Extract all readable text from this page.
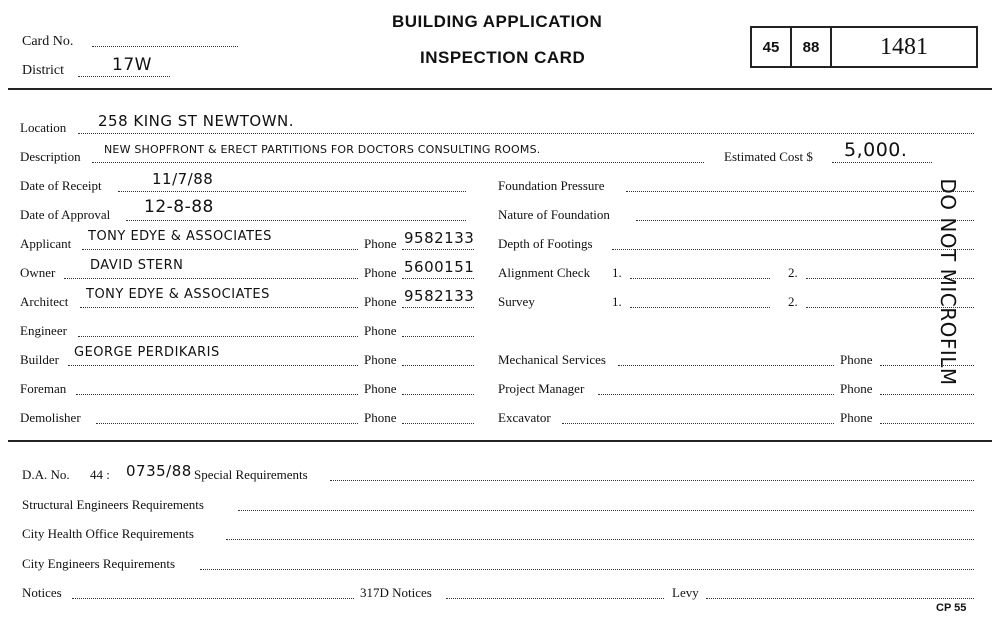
Card No.
District	17W
BUILDING APPLICATION
INSPECTION CARD
45	88	1481
Location 258 KING ST NEWTOWN.
Description NEW SHOPFRONT & ERECT PARTITIONS FOR DOCTORS CONSULTING ROOMS.	Estimated Cost $ 5,000.
Date of Receipt	11/7/88
Date of Approval 12-8-88
Applicant TONY EDYE & ASSOCIATES	Phone 9582133
Owner	DAVID STERN	Phone 5600151
Architect TONY EDYE & ASSOCIATES	Phone 9582133
Engineer	Phone
Builder GEORGE PERDIKARIS	Phone
Foreman	Phone
Demolisher	Phone
Foundation Pressure
Nature of Foundation
Depth of Footings
Alignment Check 1.	2.
Survey	1.	2.
Mechanical Services	Phone
Project Manager	Phone
Excavator	Phone
DO NOT MICROFILM
D.A. No. 44 : 0735/88 Special Requirements
Structural Engineers Requirements
City Health Office Requirements
City Engineers Requirements
Notices	317D Notices	Levy
CP 55
